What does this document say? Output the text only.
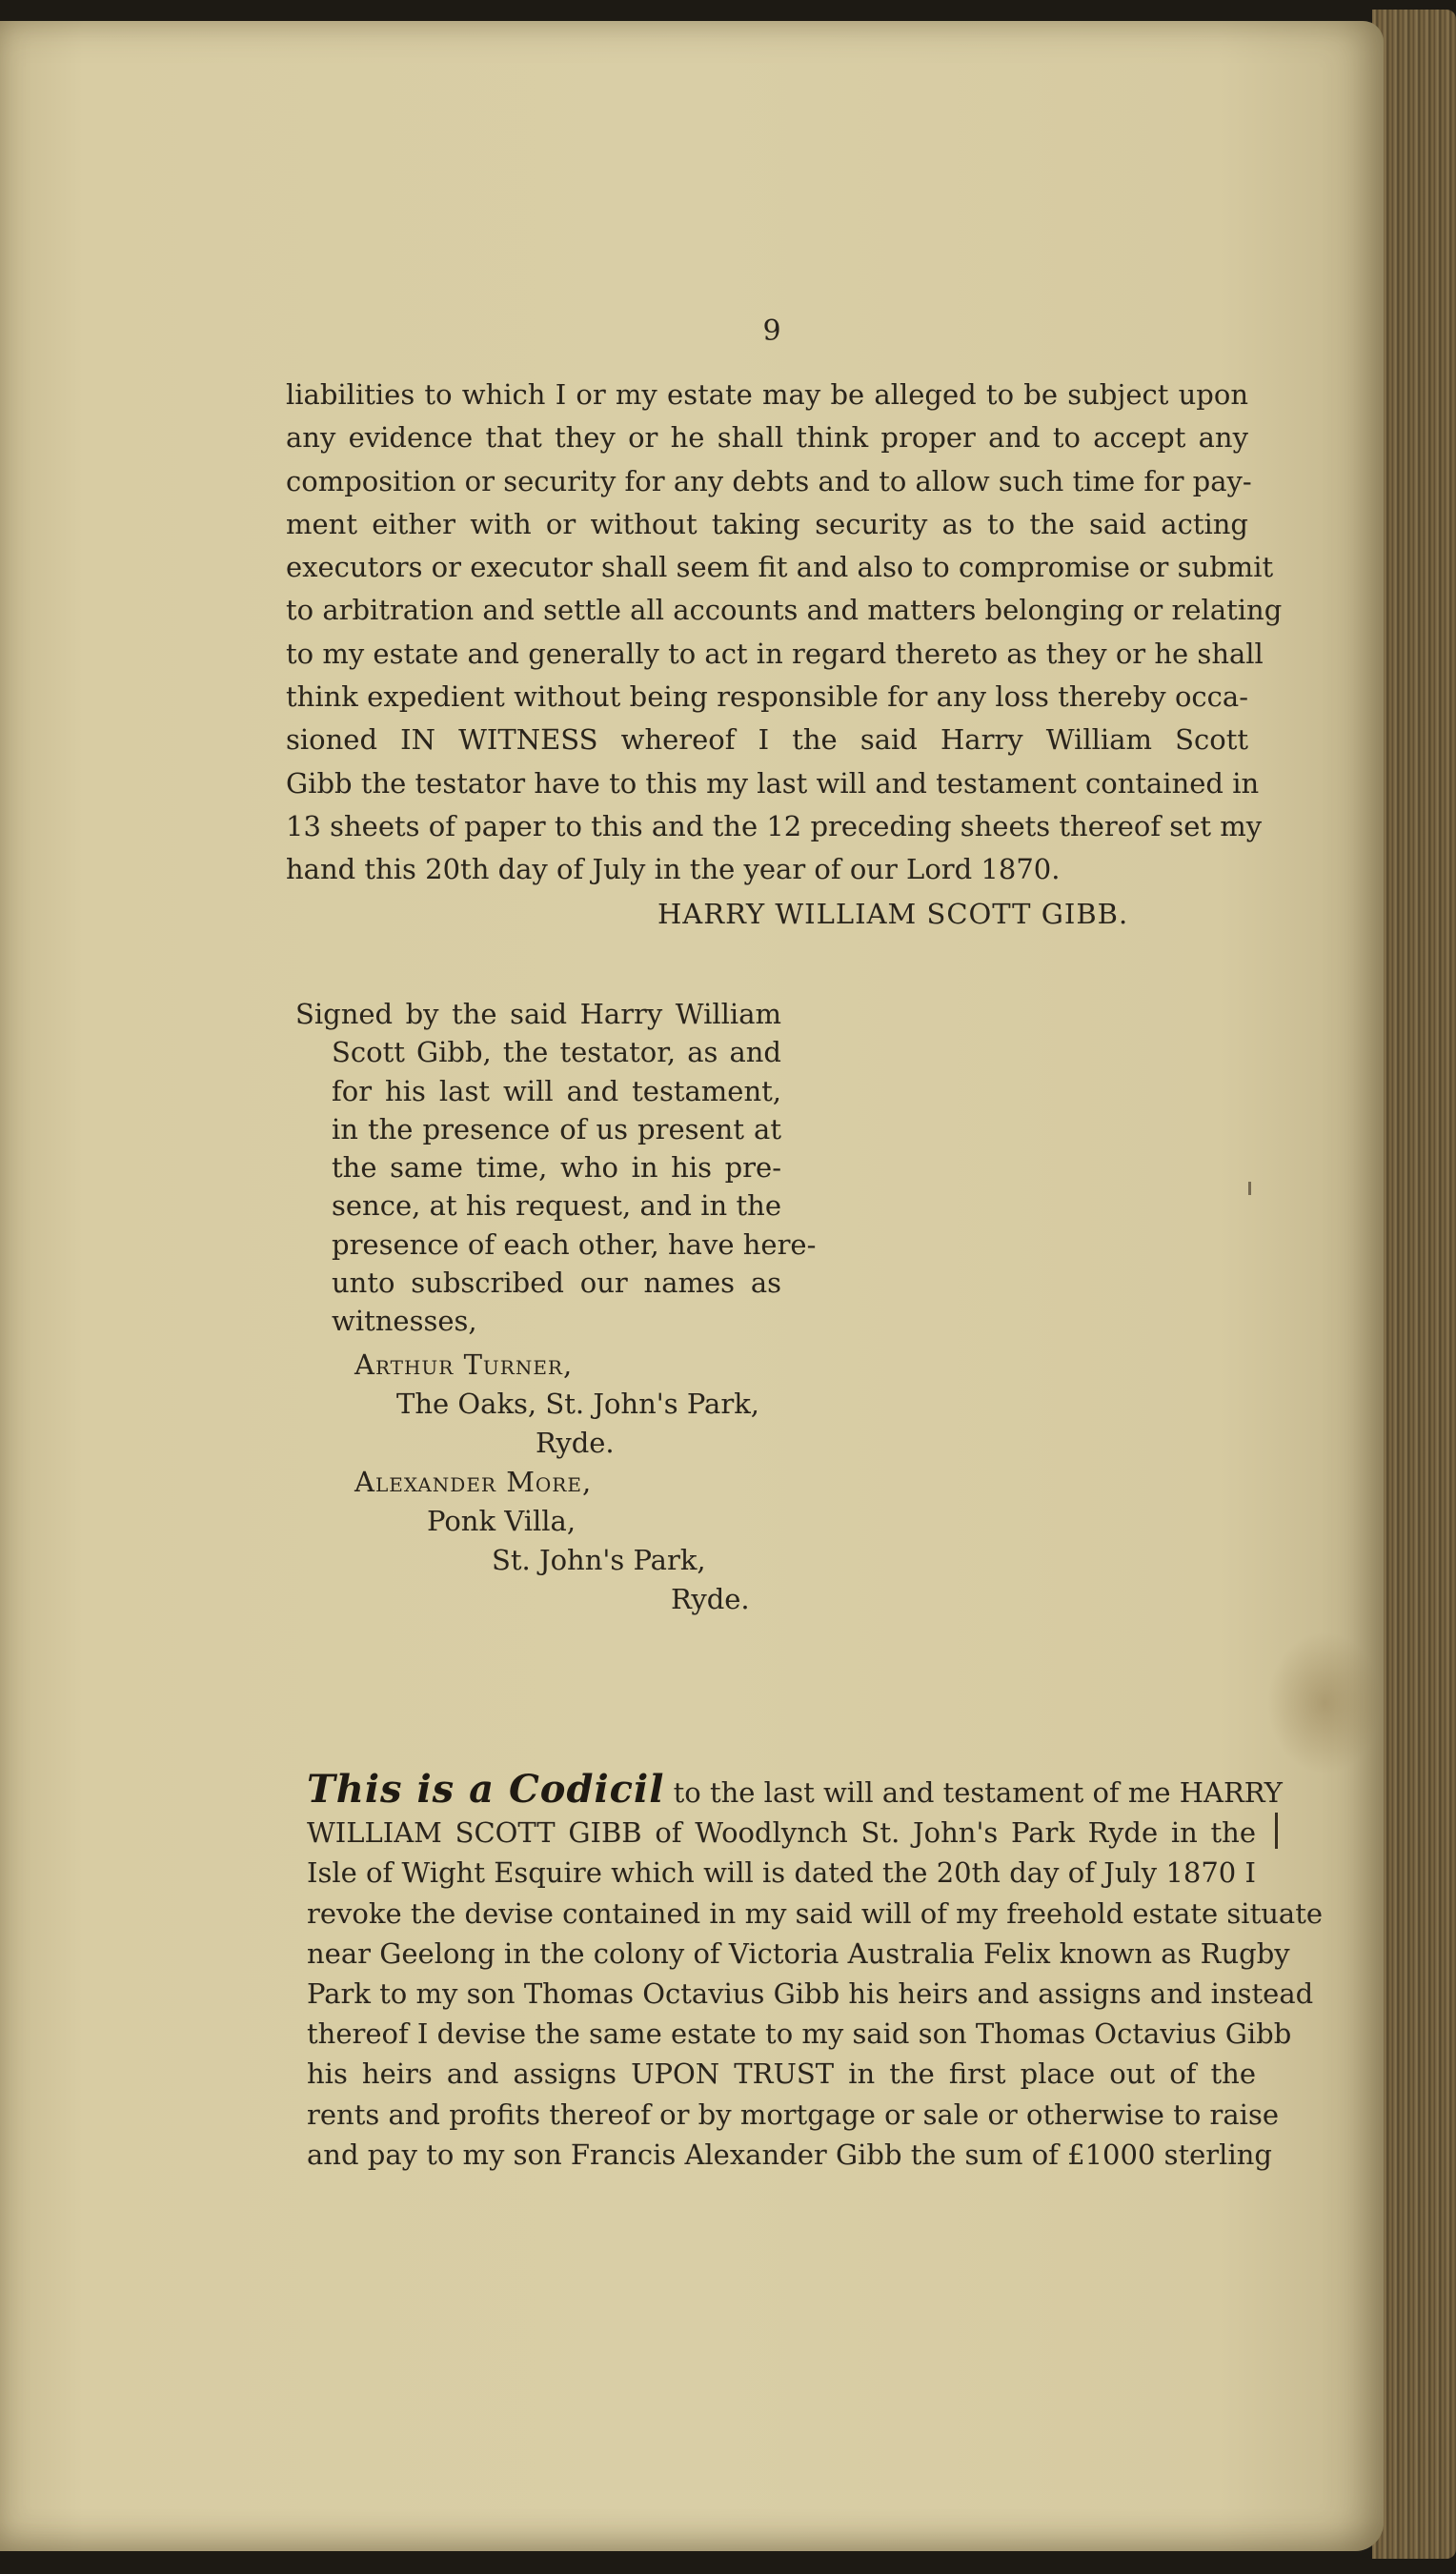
9

liabilities to which I or my estate may be alleged to be subject upon
any evidence that they or he shall think proper and to accept any
composition or security for any debts and to allow such time for pay-
ment either with or without taking security as to the said acting
executors or executor shall seem fit and also to compromise or submit
to arbitration and settle all accounts and matters belonging or relating
to my estate and generally to act in regard thereto as they or he shall
think expedient without being responsible for any loss thereby occa-
sioned IN WITNESS whereof I the said Harry William Scott
Gibb the testator have to this my last will and testament contained in
13 sheets of paper to this and the 12 preceding sheets thereof set my
hand this 20th day of July in the year of our Lord 1870.

HARRY WILLIAM SCOTT GIBB.
Signed by the said Harry William
Scott Gibb, the testator, as and
for his last will and testament,
in the presence of us present at
the same time, who in his pre-
sence, at his request, and in the
presence of each other, have here-
unto subscribed our names as
witnesses,
Arthur Turner,
The Oaks, St. John's Park,
Ryde.
Alexander More,
Ponk Villa,
St. John's Park,
Ryde.
This is a Codicil to the last will and testament of me HARRY
WILLIAM SCOTT GIBB of Woodlynch St. John's Park Ryde in the
Isle of Wight Esquire which will is dated the 20th day of July 1870 I
revoke the devise contained in my said will of my freehold estate situate
near Geelong in the colony of Victoria Australia Felix known as Rugby
Park to my son Thomas Octavius Gibb his heirs and assigns and instead
thereof I devise the same estate to my said son Thomas Octavius Gibb
his heirs and assigns UPON TRUST in the first place out of the
rents and profits thereof or by mortgage or sale or otherwise to raise
and pay to my son Francis Alexander Gibb the sum of £1000 sterling
